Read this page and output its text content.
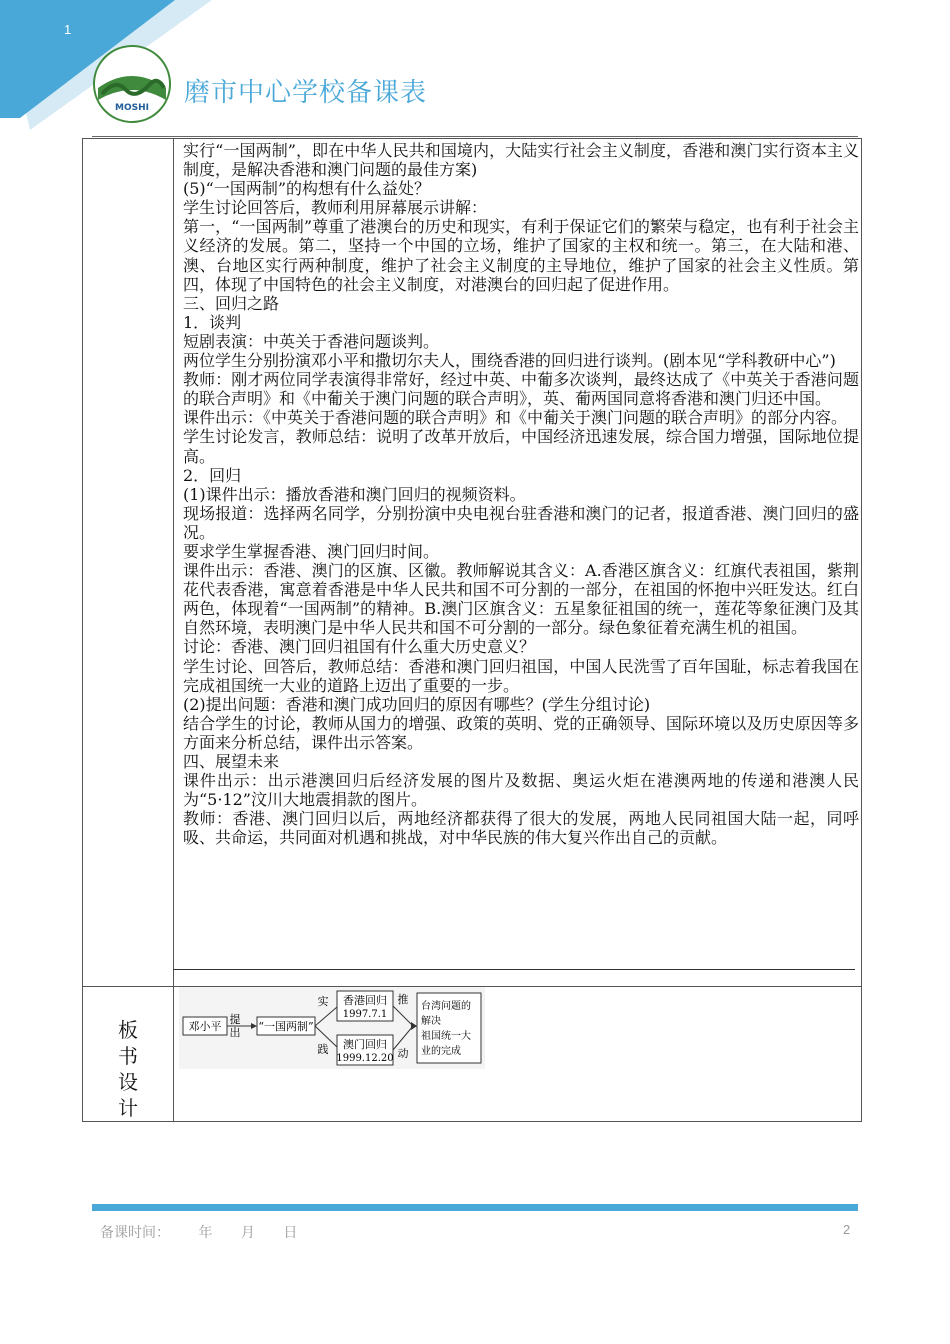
1
MOSHI 磨市中心学校备课表

实行“一国两制”，即在中华人民共和国境内，大陆实行社会主义制度，香港和澳门实行资本主义制度，是解决香港和澳门问题的最佳方案)

(5)“一国两制”的构想有什么益处？

学生讨论回答后，教师利用屏幕展示讲解：

第一，“一国两制”尊重了港澳台的历史和现实，有利于保证它们的繁荣与稳定，也有利于社会主义经济的发展。第二，坚持一个中国的立场，维护了国家的主权和统一。第三，在大陆和港、澳、台地区实行两种制度，维护了社会主义制度的主导地位，维护了国家的社会主义性质。第四，体现了中国特色的社会主义制度，对港澳台的回归起了促进作用。

三、回归之路

1．谈判

短剧表演：中英关于香港问题谈判。

两位学生分别扮演邓小平和撒切尔夫人，围绕香港的回归进行谈判。(剧本见“学科教研中心”)

教师：刚才两位同学表演得非常好，经过中英、中葡多次谈判，最终达成了《中英关于香港问题的联合声明》和《中葡关于澳门问题的联合声明》，英、葡两国同意将香港和澳门归还中国。

课件出示：《中英关于香港问题的联合声明》和《中葡关于澳门问题的联合声明》的部分内容。

学生讨论发言，教师总结：说明了改革开放后，中国经济迅速发展，综合国力增强，国际地位提高。

2．回归

(1)课件出示：播放香港和澳门回归的视频资料。

现场报道：选择两名同学，分别扮演中央电视台驻香港和澳门的记者，报道香港、澳门回归的盛况。

要求学生掌握香港、澳门回归时间。

课件出示：香港、澳门的区旗、区徽。教师解说其含义：A.香港区旗含义：红旗代表祖国，紫荆花代表香港，寓意着香港是中华人民共和国不可分割的一部分，在祖国的怀抱中兴旺发达。红白两色，体现着“一国两制”的精神。B.澳门区旗含义：五星象征祖国的统一，莲花等象征澳门及其自然环境，表明澳门是中华人民共和国不可分割的一部分。绿色象征着充满生机的祖国。

讨论：香港、澳门回归祖国有什么重大历史意义？

学生讨论、回答后，教师总结：香港和澳门回归祖国，中国人民洗雪了百年国耻，标志着我国在完成祖国统一大业的道路上迈出了重要的一步。

(2)提出问题：香港和澳门成功回归的原因有哪些？(学生分组讨论)

结合学生的讨论，教师从国力的增强、政策的英明、党的正确领导、国际环境以及历史原因等多方面来分析总结，课件出示答案。

四、展望未来

课件出示：出示港澳回归后经济发展的图片及数据、奥运火炬在港澳两地的传递和港澳人民为“5·12”汶川大地震捐款的图片。

教师：香港、澳门回归以后，两地经济都获得了很大的发展，两地人民同祖国大陆一起，同呼吸、共命运，共同面对机遇和挑战，对中华民族的伟大复兴作出自己的贡献。

板
书
设
计
邓小平
提
出 “一国两制”
实
践
香港回归
1997.7.1
澳门回归
1999.12.20
推
动
台湾问题的
解决
祖国统一大
业的完成
备课时间： 年 月 日	2
